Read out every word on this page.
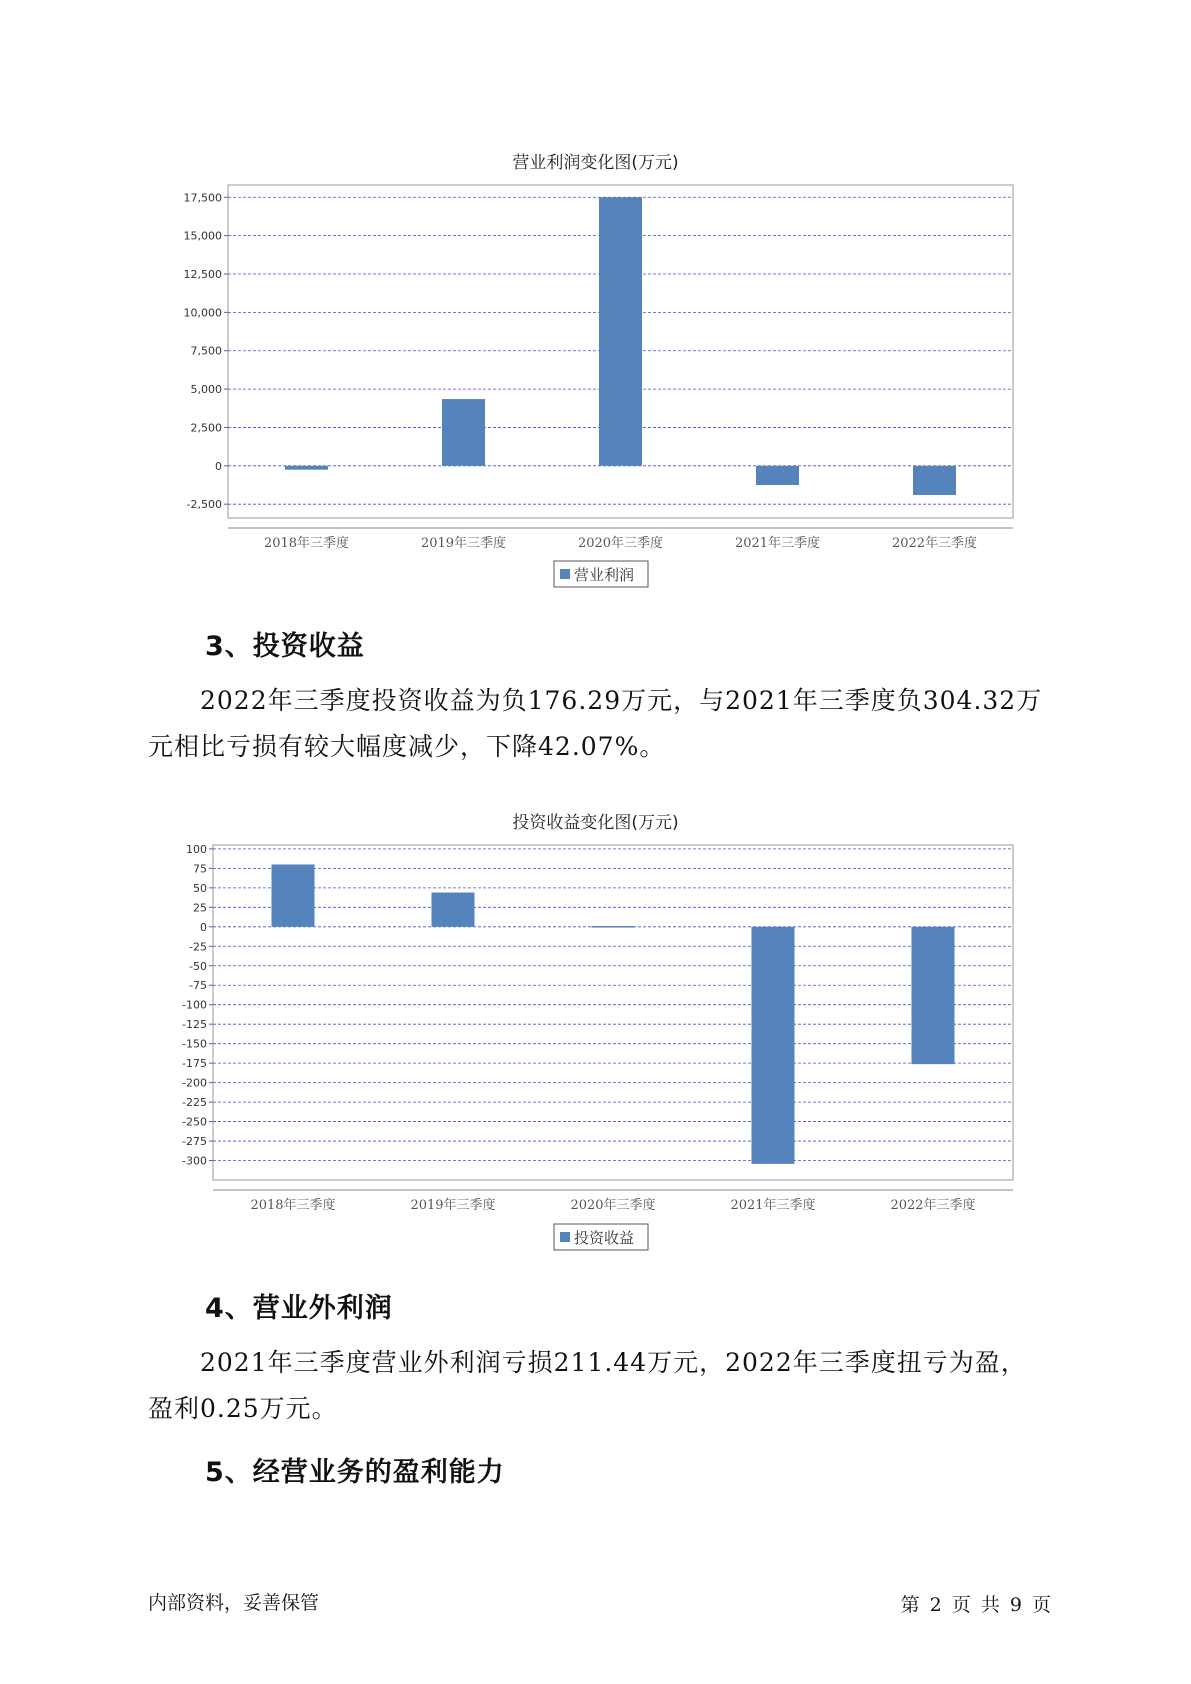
营业利润变化图(万元)
-2,500
0
2,500
5,000
7,500
10,000
12,500
15,000
17,500
2018年三季度	2019年三季度	2020年三季度	2021年三季度	2022年三季度
营业利润
3、投资收益
2022年三季度投资收益为负176.29万元，与2021年三季度负304.32万
元相比亏损有较大幅度减少，下降42.07%。
投资收益变化图(万元)
100
75
50
25
0
-25
-50
-75
-100
-125
-150
-175
-200
-225
-250
-275
-300
2018年三季度	2019年三季度	2020年三季度	2021年三季度	2022年三季度
投资收益
4、营业外利润
2021年三季度营业外利润亏损211.44万元，2022年三季度扭亏为盈，
盈利0.25万元。
5、经营业务的盈利能力
内部资料，妥善保管	第 2 页 共 9 页
